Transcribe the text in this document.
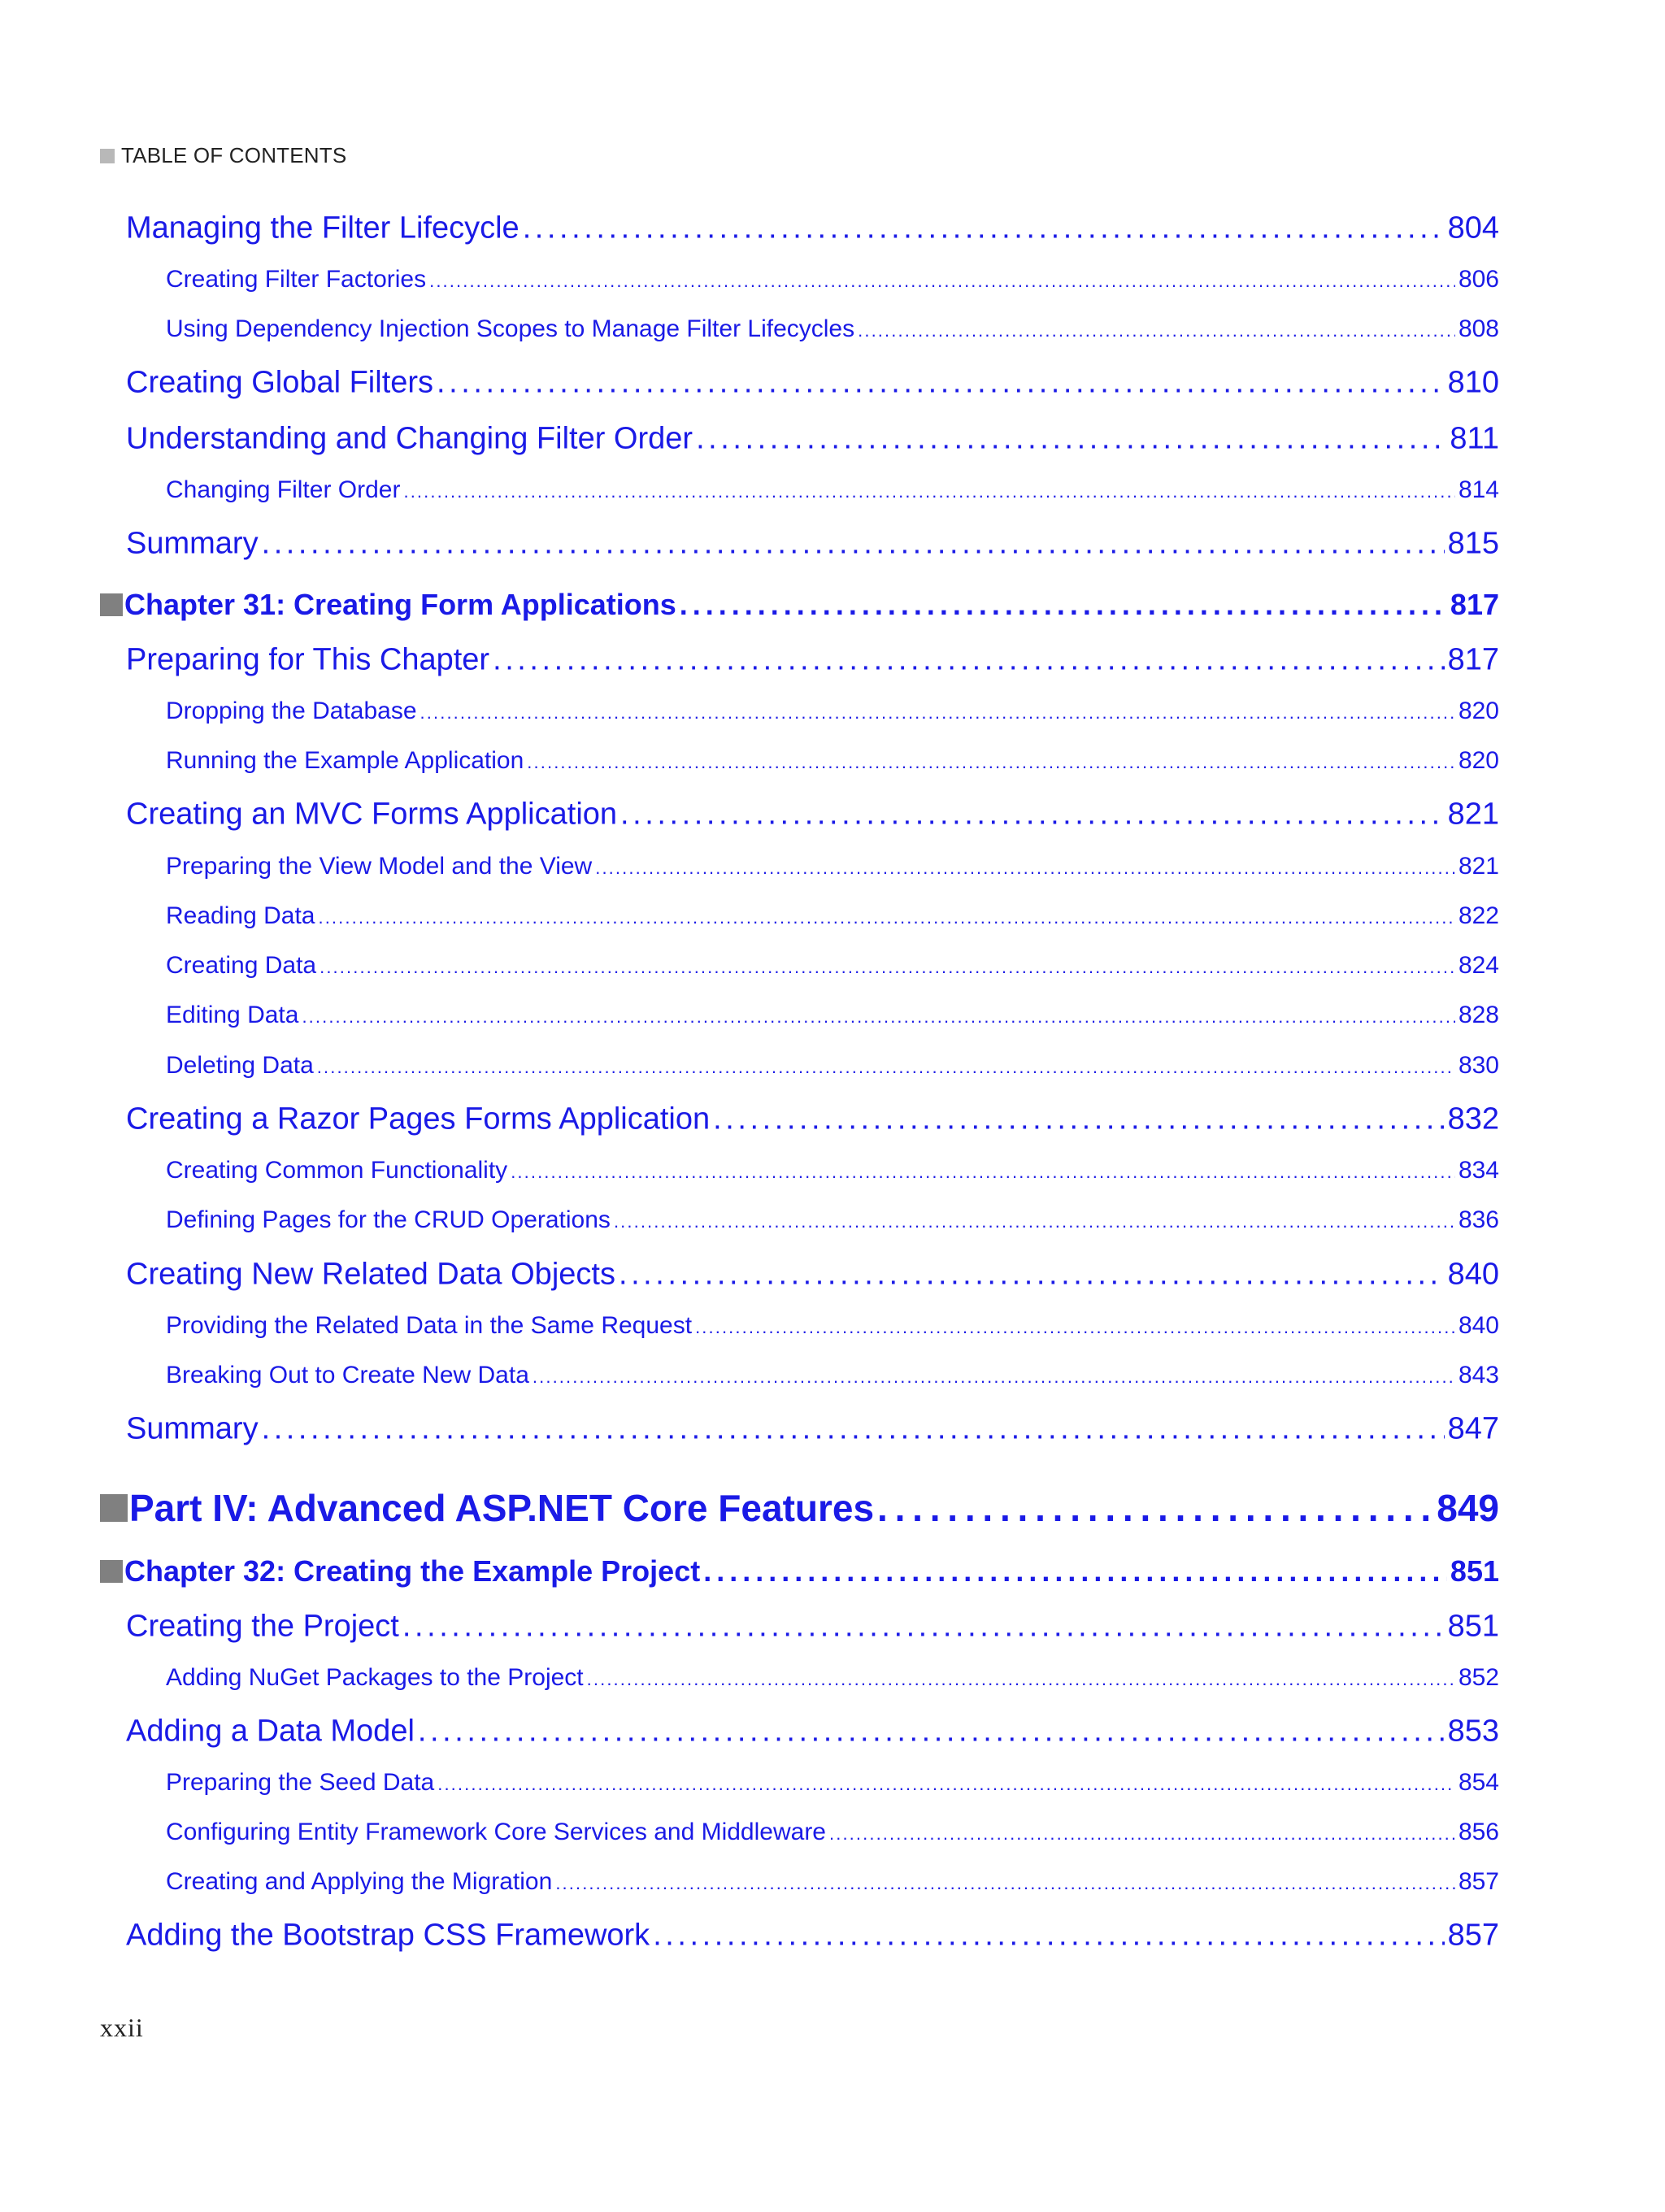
TABLE OF CONTENTS
Managing the Filter Lifecycle . . .	804
Creating Filter Factories . . .	806
Using Dependency Injection Scopes to Manage Filter Lifecycles . . .	808
Creating Global Filters . . .	810
Understanding and Changing Filter Order . . .	811
Changing Filter Order . . .	814
Summary . . .	815
Chapter 31: Creating Form Applications . . .	817
Preparing for This Chapter . . .	817
Dropping the Database . . .	820
Running the Example Application . . .	820
Creating an MVC Forms Application . . .	821
Preparing the View Model and the View . . .	821
Reading Data . . .	822
Creating Data . . .	824
Editing Data . . .	828
Deleting Data . . .	830
Creating a Razor Pages Forms Application . . .	832
Creating Common Functionality . . .	834
Defining Pages for the CRUD Operations . . .	836
Creating New Related Data Objects . . .	840
Providing the Related Data in the Same Request . . .	840
Breaking Out to Create New Data . . .	843
Summary . . .	847
Part IV: Advanced ASP.NET Core Features . . .	849
Chapter 32: Creating the Example Project . . .	851
Creating the Project . . .	851
Adding NuGet Packages to the Project . . .	852
Adding a Data Model . . .	853
Preparing the Seed Data . . .	854
Configuring Entity Framework Core Services and Middleware . . .	856
Creating and Applying the Migration . . .	857
Adding the Bootstrap CSS Framework . . .	857
xxii
